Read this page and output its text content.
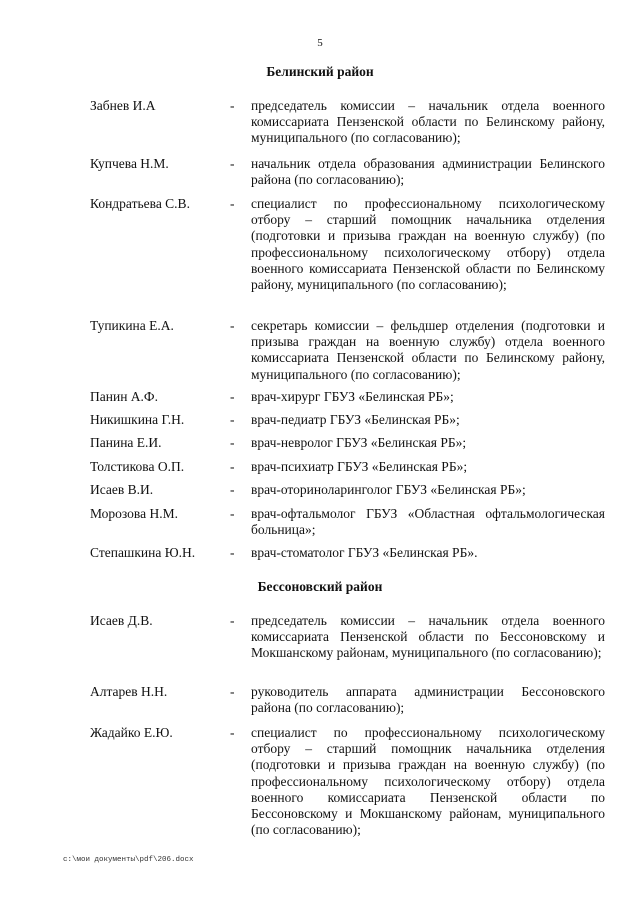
5
Белинский район
Забнев И.А	- председатель комиссии – начальник отдела военного комиссариата Пензенской области по Белинскому району, муниципального (по согласованию);
Купчева Н.М.	- начальник отдела образования администрации Белинского района (по согласованию);
Кондратьева С.В.	- специалист по профессиональному психологическому отбору – старший помощник начальника отделения (подготовки и призыва граждан на военную службу) (по профессиональному психологическому отбору) отдела военного комиссариата Пензенской области по Белинскому району, муниципального (по согласованию);
Тупикина Е.А.	- секретарь комиссии – фельдшер отделения (подготовки и призыва граждан на военную службу) отдела военного комиссариата Пензенской области по Белинскому району, муниципального (по согласованию);
Панин А.Ф.	- врач-хирург ГБУЗ «Белинская РБ»;
Никишкина Г.Н.	- врач-педиатр ГБУЗ «Белинская РБ»;
Панина Е.И.	- врач-невролог ГБУЗ «Белинская РБ»;
Толстикова О.П.	- врач-психиатр ГБУЗ «Белинская РБ»;
Исаев В.И.	- врач-оториноларинголог ГБУЗ «Белинская РБ»;
Морозова Н.М.	- врач-офтальмолог ГБУЗ «Областная офтальмологическая больница»;
Степашкина Ю.Н.	- врач-стоматолог ГБУЗ «Белинская РБ».
Бессоновский район
Исаев Д.В.	- председатель комиссии – начальник отдела военного комиссариата Пензенской области по Бессоновскому и Мокшанскому районам, муниципального (по согласованию);
Алтарев Н.Н.	- руководитель аппарата администрации Бессоновского района (по согласованию);
Жадайко Е.Ю.	- специалист по профессиональному психологическому отбору – старший помощник начальника отделения (подготовки и призыва граждан на военную службу) (по профессиональному психологическому отбору) отдела военного комиссариата Пензенской области по Бессоновскому и Мокшанскому районам, муниципального (по согласованию);
c:\мои документы\pdf\206.docx
